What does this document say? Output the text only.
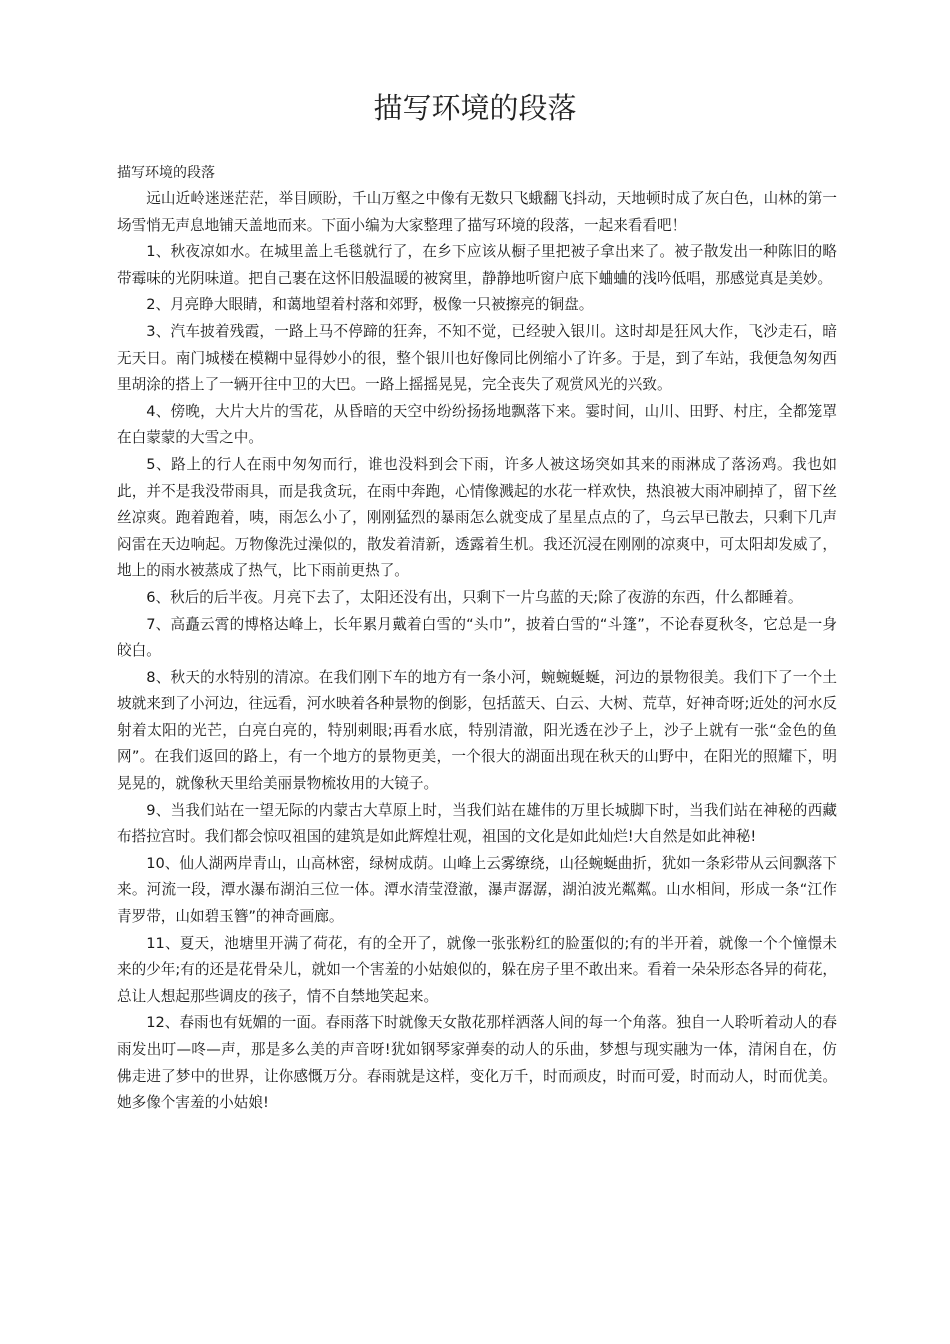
描写环境的段落

描写环境的段落

远山近岭迷迷茫茫，举目顾盼，千山万壑之中像有无数只飞蛾翻飞抖动，天地顿时成了灰白色，山林的第一场雪悄无声息地铺天盖地而来。下面小编为大家整理了描写环境的段落，一起来看看吧！

1、秋夜凉如水。在城里盖上毛毯就行了，在乡下应该从橱子里把被子拿出来了。被子散发出一种陈旧的略带霉味的光阴味道。把自己裹在这怀旧般温暖的被窝里，静静地听窗户底下蛐蛐的浅吟低唱，那感觉真是美妙。

2、月亮睁大眼睛，和蔼地望着村落和郊野，极像一只被擦亮的铜盘。

3、汽车披着残霞，一路上马不停蹄的狂奔，不知不觉，已经驶入银川。这时却是狂风大作，飞沙走石，暗无天日。南门城楼在模糊中显得妙小的很，整个银川也好像同比例缩小了许多。于是，到了车站，我便急匆匆西里胡涂的搭上了一辆开往中卫的大巴。一路上摇摇晃晃，完全丧失了观赏风光的兴致。

4、傍晚，大片大片的雪花，从昏暗的天空中纷纷扬扬地飘落下来。霎时间，山川、田野、村庄，全都笼罩在白蒙蒙的大雪之中。

5、路上的行人在雨中匆匆而行，谁也没料到会下雨，许多人被这场突如其来的雨淋成了落汤鸡。我也如此，并不是我没带雨具，而是我贪玩，在雨中奔跑，心情像溅起的水花一样欢快，热浪被大雨冲刷掉了，留下丝丝凉爽。跑着跑着，咦，雨怎么小了，刚刚猛烈的暴雨怎么就变成了星星点点的了，乌云早已散去，只剩下几声闷雷在天边响起。万物像洗过澡似的，散发着清新，透露着生机。我还沉浸在刚刚的凉爽中，可太阳却发威了，地上的雨水被蒸成了热气，比下雨前更热了。

6、秋后的后半夜。月亮下去了，太阳还没有出，只剩下一片乌蓝的天;除了夜游的东西，什么都睡着。

7、高矗云霄的博格达峰上，长年累月戴着白雪的“头巾”，披着白雪的“斗篷”，不论春夏秋冬，它总是一身皎白。

8、秋天的水特别的清凉。在我们刚下车的地方有一条小河，蜿蜿蜒蜒，河边的景物很美。我们下了一个土坡就来到了小河边，往远看，河水映着各种景物的倒影，包括蓝天、白云、大树、荒草，好神奇呀;近处的河水反射着太阳的光芒，白亮白亮的，特别刺眼;再看水底，特别清澈，阳光透在沙子上，沙子上就有一张“金色的鱼网”。在我们返回的路上，有一个地方的景物更美，一个很大的湖面出现在秋天的山野中，在阳光的照耀下，明晃晃的，就像秋天里给美丽景物梳妆用的大镜子。

9、当我们站在一望无际的内蒙古大草原上时，当我们站在雄伟的万里长城脚下时，当我们站在神秘的西藏布搭拉宫时。我们都会惊叹祖国的建筑是如此辉煌壮观，祖国的文化是如此灿烂!大自然是如此神秘!

10、仙人湖两岸青山，山高林密，绿树成荫。山峰上云雾缭绕，山径蜿蜒曲折，犹如一条彩带从云间飘落下来。河流一段，潭水瀑布湖泊三位一体。潭水清莹澄澈，瀑声潺潺，湖泊波光粼粼。山水相间，形成一条“江作青罗带，山如碧玉簪”的神奇画廊。

11、夏天，池塘里开满了荷花，有的全开了，就像一张张粉红的脸蛋似的;有的半开着，就像一个个憧憬未来的少年;有的还是花骨朵儿，就如一个害羞的小姑娘似的，躲在房子里不敢出来。看着一朵朵形态各异的荷花，总让人想起那些调皮的孩子，情不自禁地笑起来。

12、春雨也有妩媚的一面。春雨落下时就像天女散花那样洒落人间的每一个角落。独自一人聆听着动人的春雨发出叮—咚—声，那是多么美的声音呀!犹如钢琴家弹奏的动人的乐曲，梦想与现实融为一体，清闲自在，仿佛走进了梦中的世界，让你感慨万分。春雨就是这样，变化万千，时而顽皮，时而可爱，时而动人，时而优美。她多像个害羞的小姑娘!
